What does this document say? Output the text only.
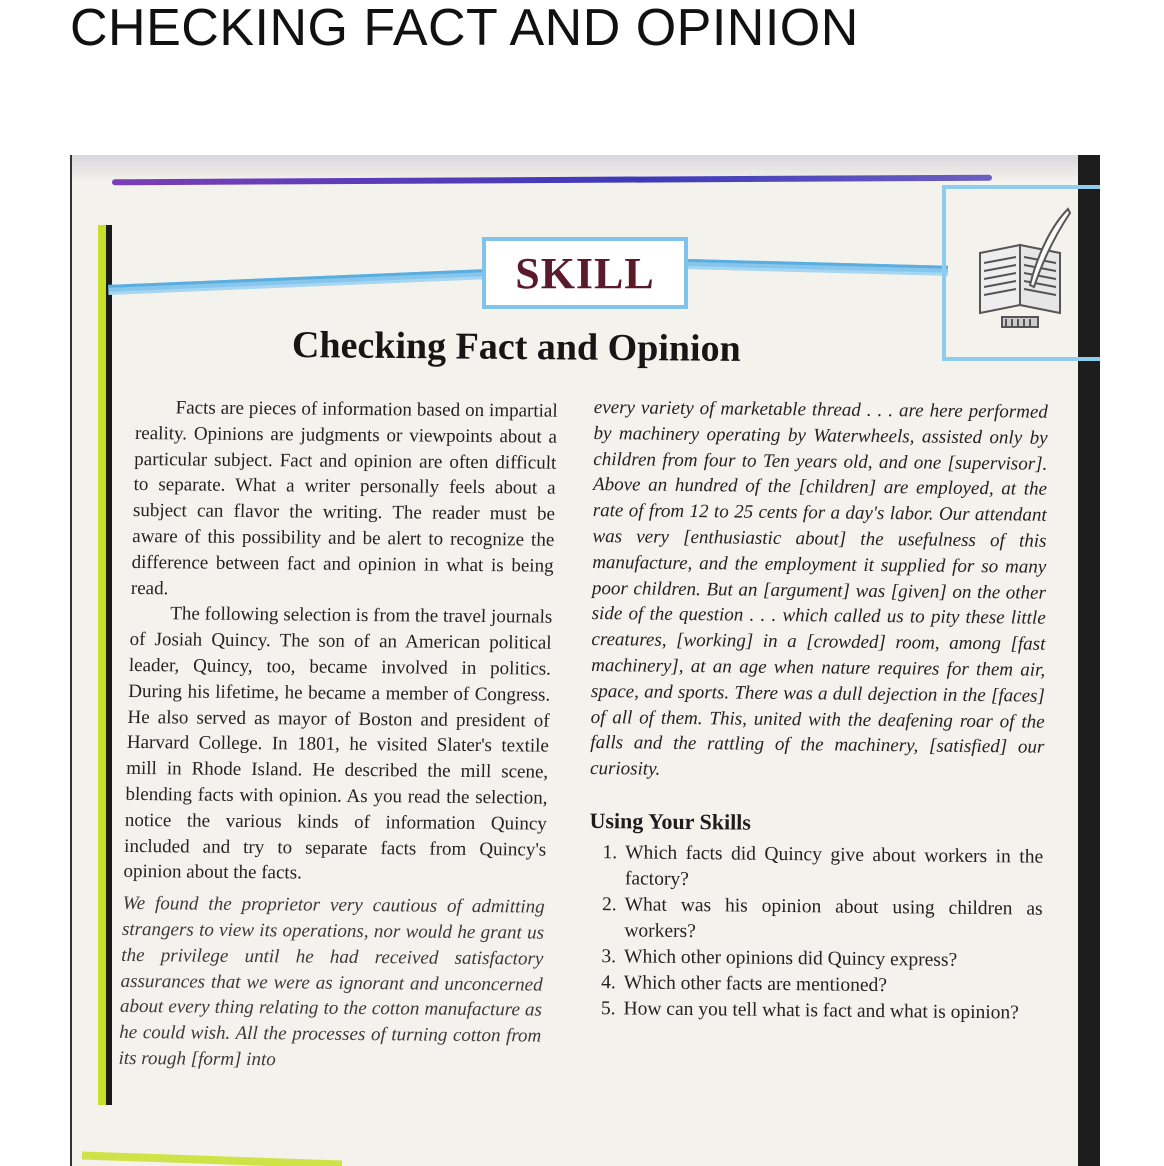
CHECKING FACT AND OPINION
SKILL
Checking Fact and Opinion

Facts are pieces of information based on impartial reality. Opinions are judgments or viewpoints about a particular subject. Fact and opinion are often difficult to separate. What a writer personally feels about a subject can flavor the writing. The reader must be aware of this possibility and be alert to recognize the difference between fact and opinion in what is being read.

The following selection is from the travel journals of Josiah Quincy. The son of an American political leader, Quincy, too, became involved in politics. During his lifetime, he became a member of Congress. He also served as mayor of Boston and president of Harvard College. In 1801, he visited Slater's textile mill in Rhode Island. He described the mill scene, blending facts with opinion. As you read the selection, notice the various kinds of information Quincy included and try to separate facts from Quincy's opinion about the facts.

We found the proprietor very cautious of admitting strangers to view its operations, nor would he grant us the privilege until he had received satisfactory assurances that we were as ignorant and unconcerned about every thing relating to the cotton manufacture as he could wish. All the processes of turning cotton from its rough [form] into

every variety of marketable thread . . . are here performed by machinery operating by Waterwheels, assisted only by children from four to Ten years old, and one [supervisor]. Above an hundred of the [children] are employed, at the rate of from 12 to 25 cents for a day's labor. Our attendant was very [enthusiastic about] the usefulness of this manufacture, and the employment it supplied for so many poor children. But an [argument] was [given] on the other side of the question . . . which called us to pity these little creatures, [working] in a [crowded] room, among [fast machinery], at an age when nature requires for them air, space, and sports. There was a dull dejection in the [faces] of all of them. This, united with the deafening roar of the falls and the rattling of the machinery, [satisfied] our curiosity.

Using Your Skills
1. Which facts did Quincy give about workers in the factory?
2. What was his opinion about using children as workers?
3. Which other opinions did Quincy express?
4. Which other facts are mentioned?
5. How can you tell what is fact and what is opinion?
